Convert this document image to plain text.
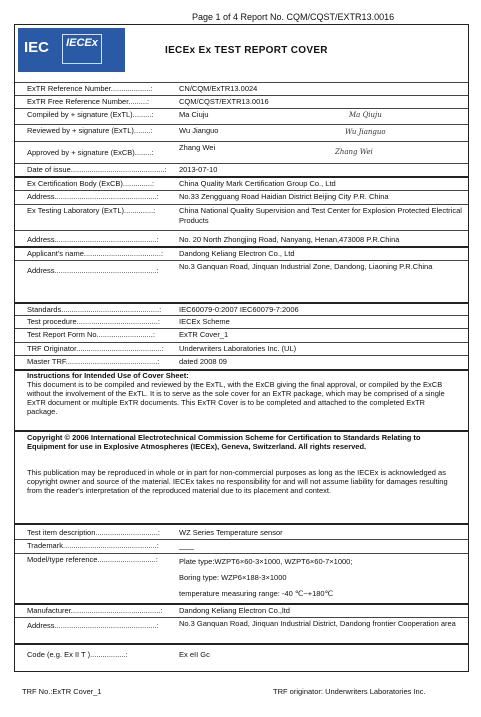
Page 1 of 4 Report No. CQM/CQST/EXTR13.0016
IEC	IECEx
IECEx Ex TEST REPORT COVER
ExTR Reference Number...................:	CN/CQM/ExTR13.0024
ExTR Free Reference Number.........:	CQM/CQST/EXTR13.0016
Compiled by + signature (ExTL).........:	Ma Ciuju	Ma Qiuju
Reviewed by + signature (ExTL)........:	Wu Jianguo	Wu Jianguo
Approved by + signature (ExCB)........:
Zhang Wei	Zhang Wei
Date of issue.............................................: 2013-07-10
Ex Certification Body (ExCB)..............:	China Quality Mark Certification Group Co., Ltd
Address.................................................:	No.33 Zengguang Road Haidian District Beijing City P.R. China
Ex Testing Laboratory (ExTL)..............:	China National Quality Supervision and Test Center for Explosion Protected Electrical Products
Address.................................................:	No. 20 North Zhongjing Road, Nanyang, Henan,473008 P.R.China
Applicant's name.....................................: Dandong Keliang Electron Co., Ltd
Address.................................................:	No.3 Ganquan Road, Jinquan Industrial Zone, Dandong, Liaoning P.R.China
Standards...............................................: IEC60079-0:2007 IEC60079-7:2006
Test procedure.......................................:	IECEx Scheme
Test Report Form No...........................:	ExTR Cover_1
TRF Originator.........................................: Underwriters Laboratories Inc. (UL)
Master TRF............................................:	dated 2008 09
Instructions for Intended Use of Cover Sheet:
This document is to be compiled and reviewed by the ExTL, with the ExCB giving the final approval, or compiled by the ExCB without the involvement of the ExTL. It is to serve as the sole cover for an ExTR package, which may be comprised of a single ExTR document or multiple ExTR documents. This ExTR Cover is to be completed and attached to the completed ExTR package.
Copyright © 2006 International Electrotechnical Commission Scheme for Certification to Standards Relating to Equipment for use in Explosive Atmospheres (IECEx), Geneva, Switzerland. All rights reserved.
This publication may be reproduced in whole or in part for non-commercial purposes as long as the IECEx is acknowledged as copyright owner and source of the material. IECEx takes no responsibility for and will not assume liability for damages resulting from the reader's interpretation of the reproduced material due to its placement and context.
Test item description..............................:	WZ Series Temperature sensor
Trademark.............................................:	——
Model/type reference............................:	Plate type:WZPT6×60-3×1000, WZPT6×60-7×1000;
Boring type: WZP6×188-3×1000
temperature measuring range: -40 ℃~+180℃
Manufacturer...........................................: Dandong Keliang Electron Co.,ltd
Address.................................................:	No.3 Ganquan Road, Jinquan Industrial District, Dandong frontier Cooperation area
Code (e.g. Ex II T ).................:	Ex eII Gc
TRF No.:ExTR Cover_1	TRF originator: Underwriters Laboratories Inc.
